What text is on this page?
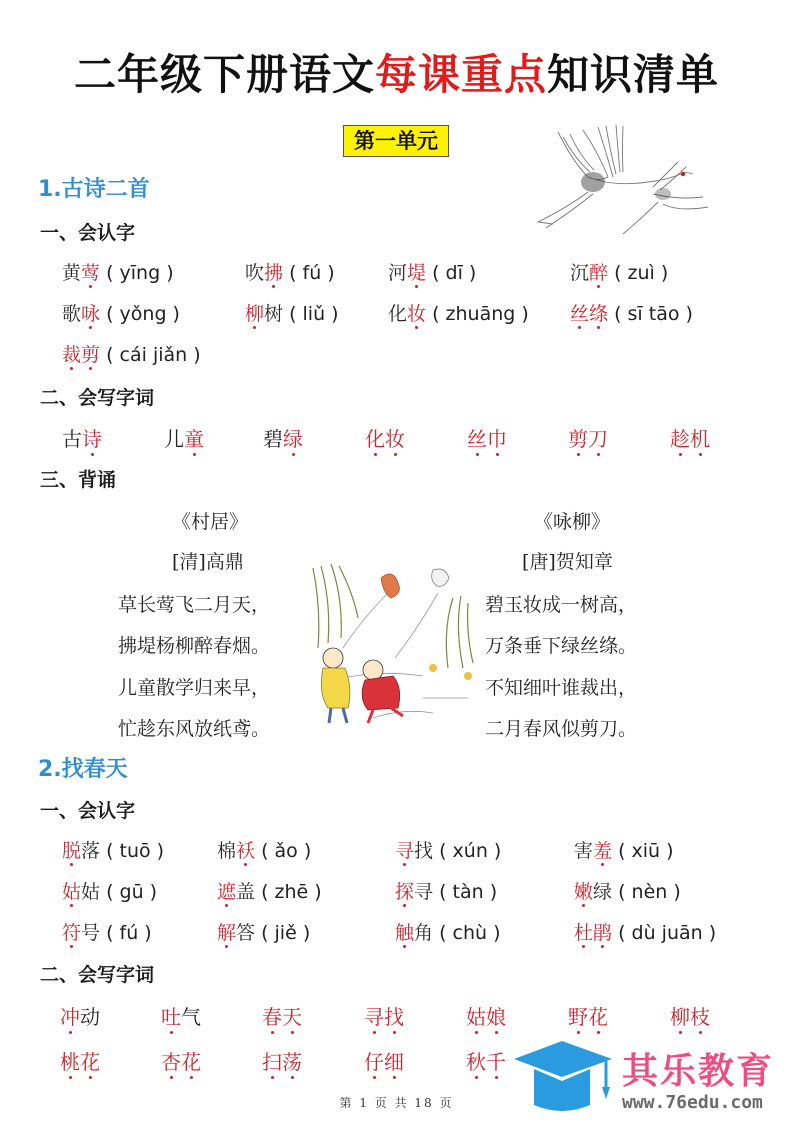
二年级下册语文每课重点知识清单
第一单元
1.古诗二首
一、会认字
黄莺 ( yīng )	吹拂 ( fú )	河堤 ( dī )	沉醉 ( zuì )
歌咏 ( yǒng )	柳树 ( liǔ )	化妆 ( zhuāng ) 丝绦 ( sī tāo )
裁剪 ( cái jiǎn )
二、会写字词
古诗	儿童	碧绿	化妆	丝巾	剪刀	趁机
三、背诵
《村居》
[清]高鼎
草长莺飞二月天，
拂堤杨柳醉春烟。
儿童散学归来早，
忙趁东风放纸鸢。
《咏柳》
[唐]贺知章
碧玉妆成一树高，
万条垂下绿丝绦。
不知细叶谁裁出，
二月春风似剪刀。
2.找春天
一、会认字
脱落 ( tuō )	棉袄 ( ǎo )	寻找 ( xún )	害羞 ( xiū )
姑姑 ( gū )	遮盖 ( zhē )	探寻 ( tàn )	嫩绿 ( nèn )
符号 ( fú )	解答 ( jiě )	触角 ( chù )	杜鹃 ( dù juān )
二、会写字词
冲动	吐气	春天	寻找	姑娘	野花	柳枝
桃花	杏花	扫荡	仔细	秋千
第 1 页 共 18 页
其乐教育
www.76edu.com
